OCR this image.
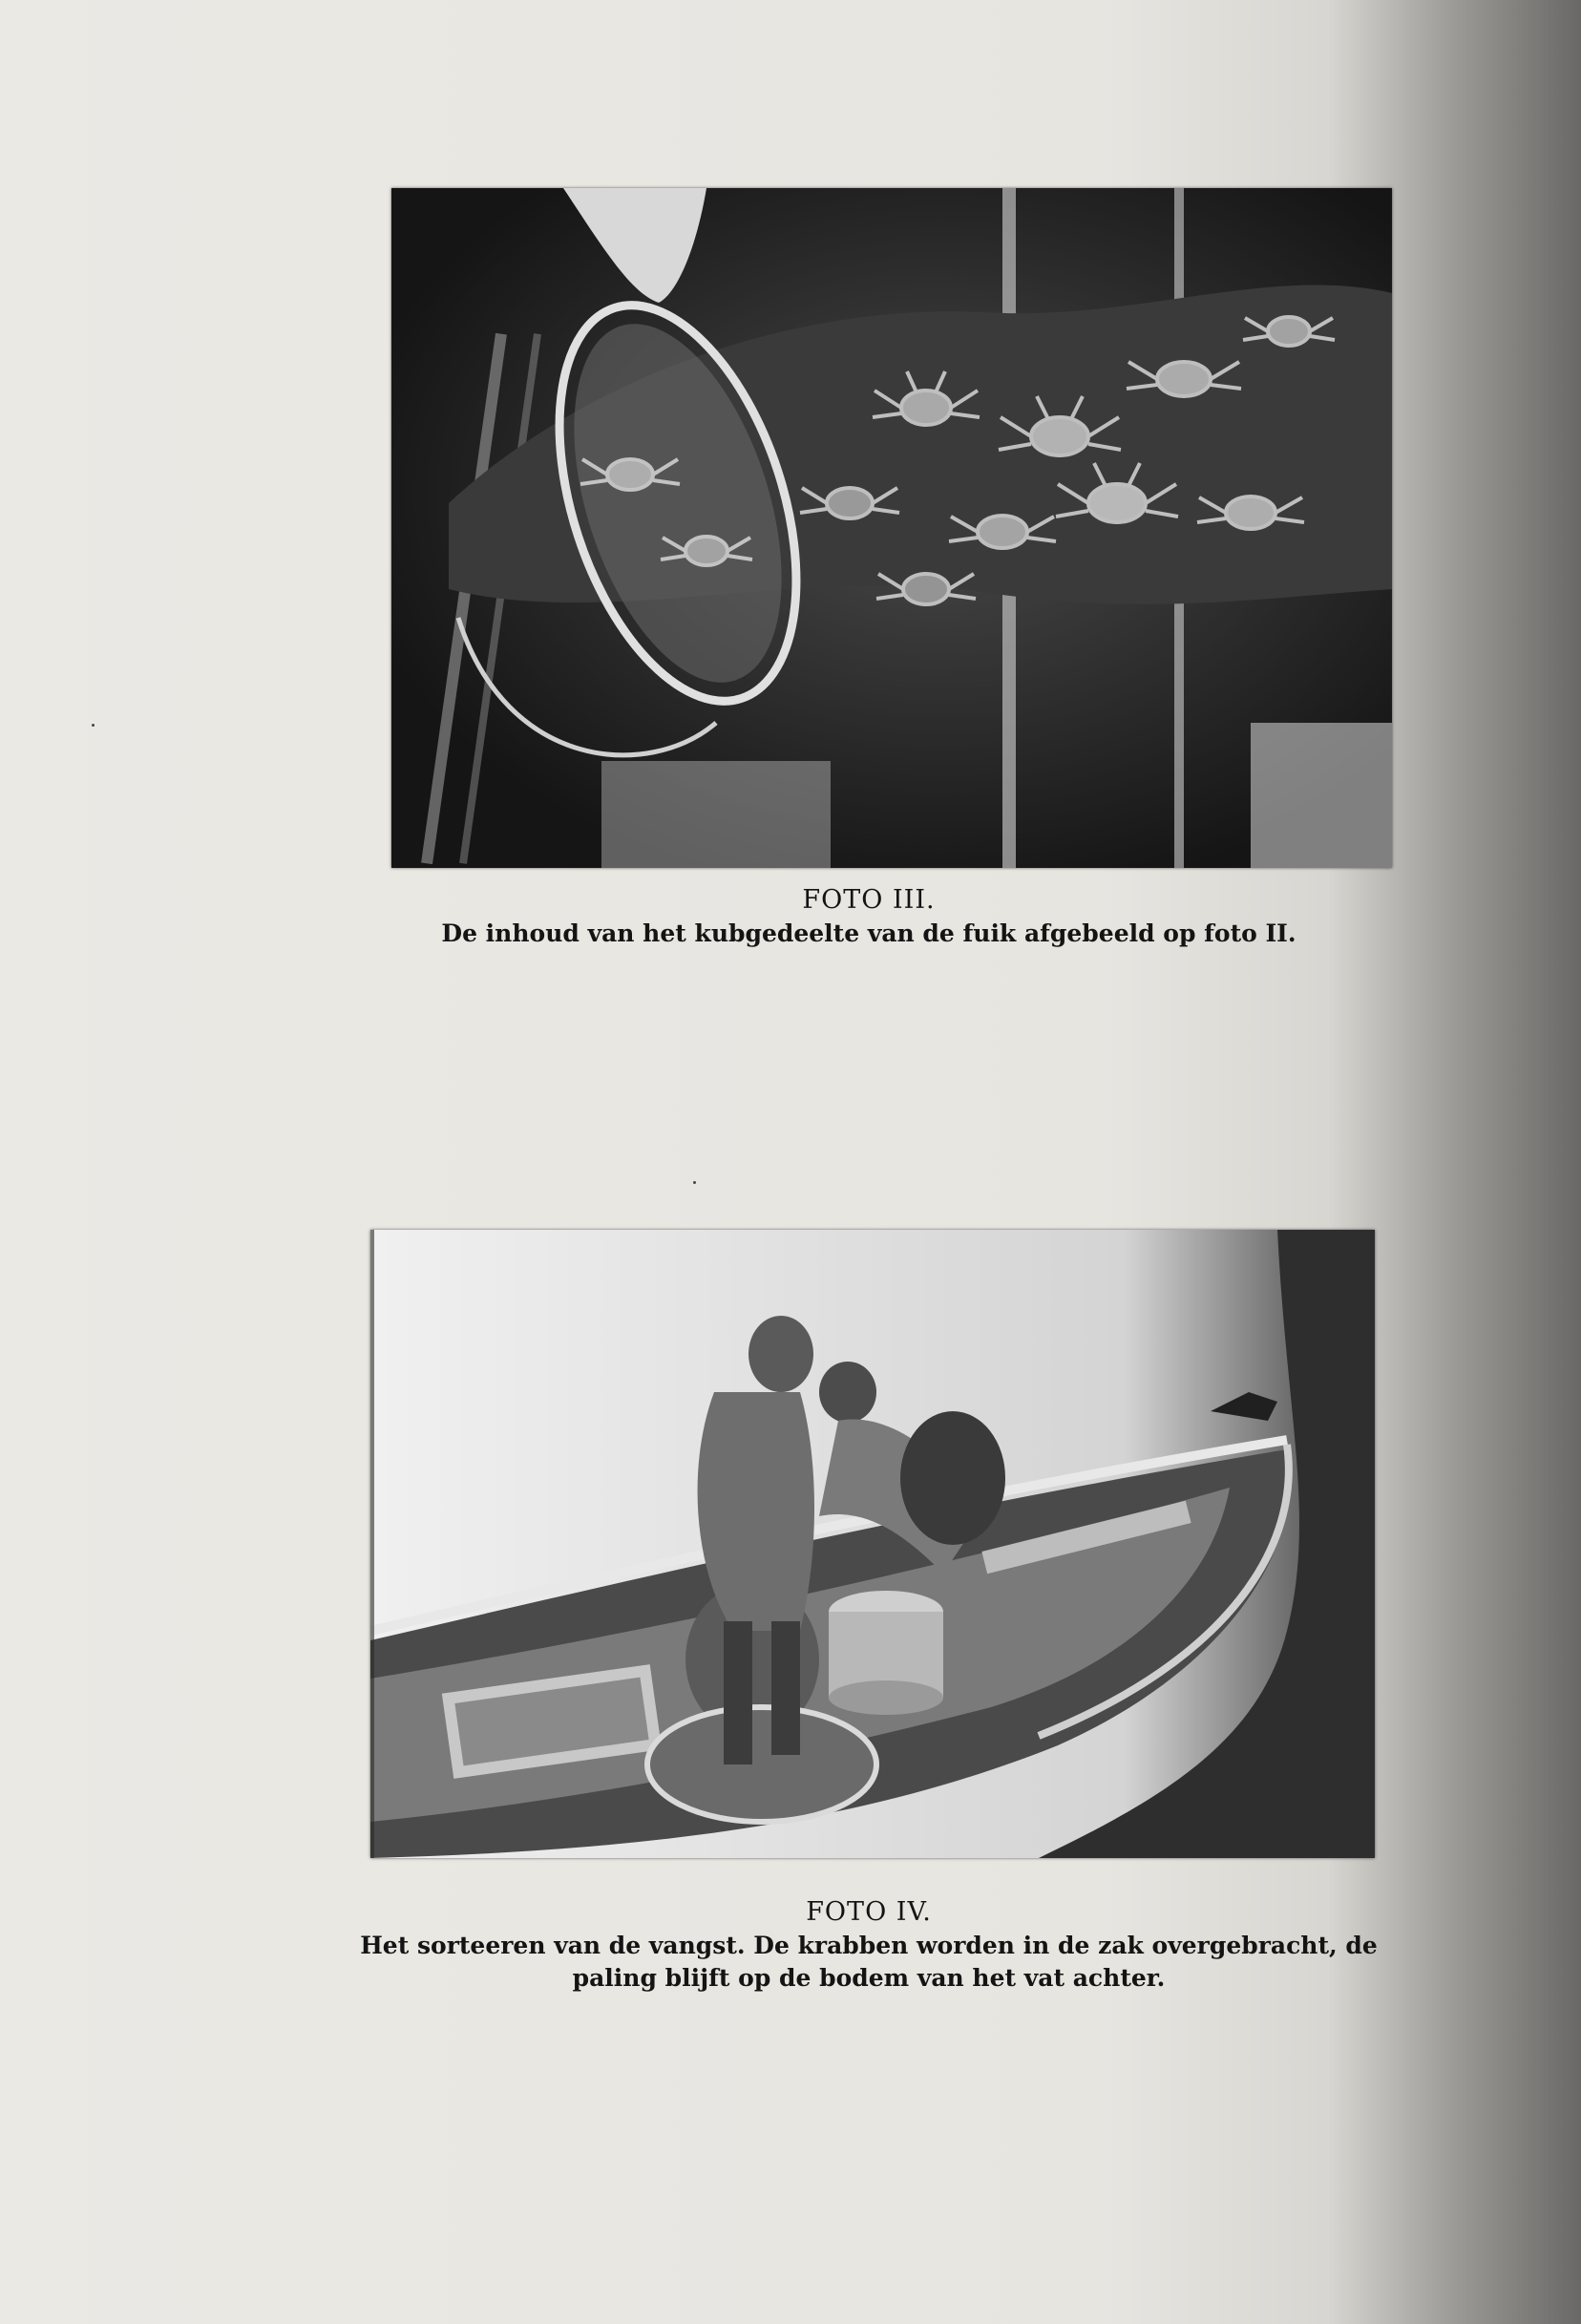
FOTO III.
De inhoud van het kubgedeelte van de fuik afgebeeld op foto II.
FOTO IV.
Het sorteeren van de vangst. De krabben worden in de zak overgebracht, de
paling blijft op de bodem van het vat achter.
